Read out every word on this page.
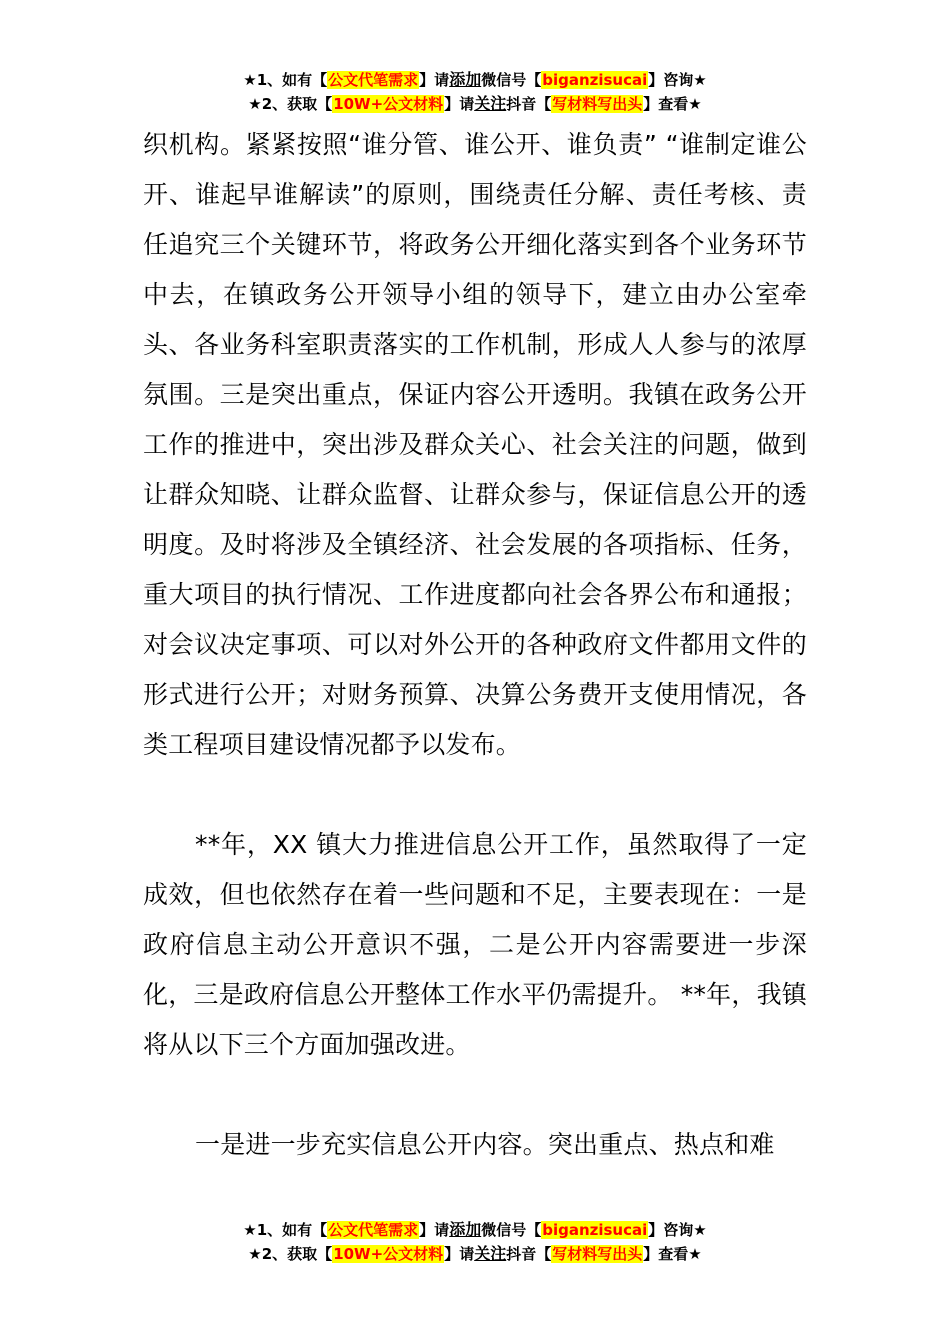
★1、如有【公文代笔需求】请添加微信号【biganzisucai】咨询★
★2、获取【10W+公文材料】请关注抖音【写材料写出头】查看★

织机构。紧紧按照“谁分管、谁公开、谁负责” “谁制定谁公开、谁起早谁解读”的原则，围绕责任分解、责任考核、责任追究三个关键环节，将政务公开细化落实到各个业务环节中去，在镇政务公开领导小组的领导下，建立由办公室牵头、各业务科室职责落实的工作机制，形成人人参与的浓厚氛围。三是突出重点，保证内容公开透明。我镇在政务公开工作的推进中，突出涉及群众关心、社会关注的问题，做到让群众知晓、让群众监督、让群众参与，保证信息公开的透明度。及时将涉及全镇经济、社会发展的各项指标、任务，重大项目的执行情况、工作进度都向社会各界公布和通报；对会议决定事项、可以对外公开的各种政府文件都用文件的形式进行公开；对财务预算、决算公务费开支使用情况，各类工程项目建设情况都予以发布。

**年，XX 镇大力推进信息公开工作，虽然取得了一定成效，但也依然存在着一些问题和不足，主要表现在：一是政府信息主动公开意识不强，二是公开内容需要进一步深化，三是政府信息公开整体工作水平仍需提升。 **年，我镇将从以下三个方面加强改进。

一是进一步充实信息公开内容。突出重点、热点和难

★1、如有【公文代笔需求】请添加微信号【biganzisucai】咨询★
★2、获取【10W+公文材料】请关注抖音【写材料写出头】查看★
